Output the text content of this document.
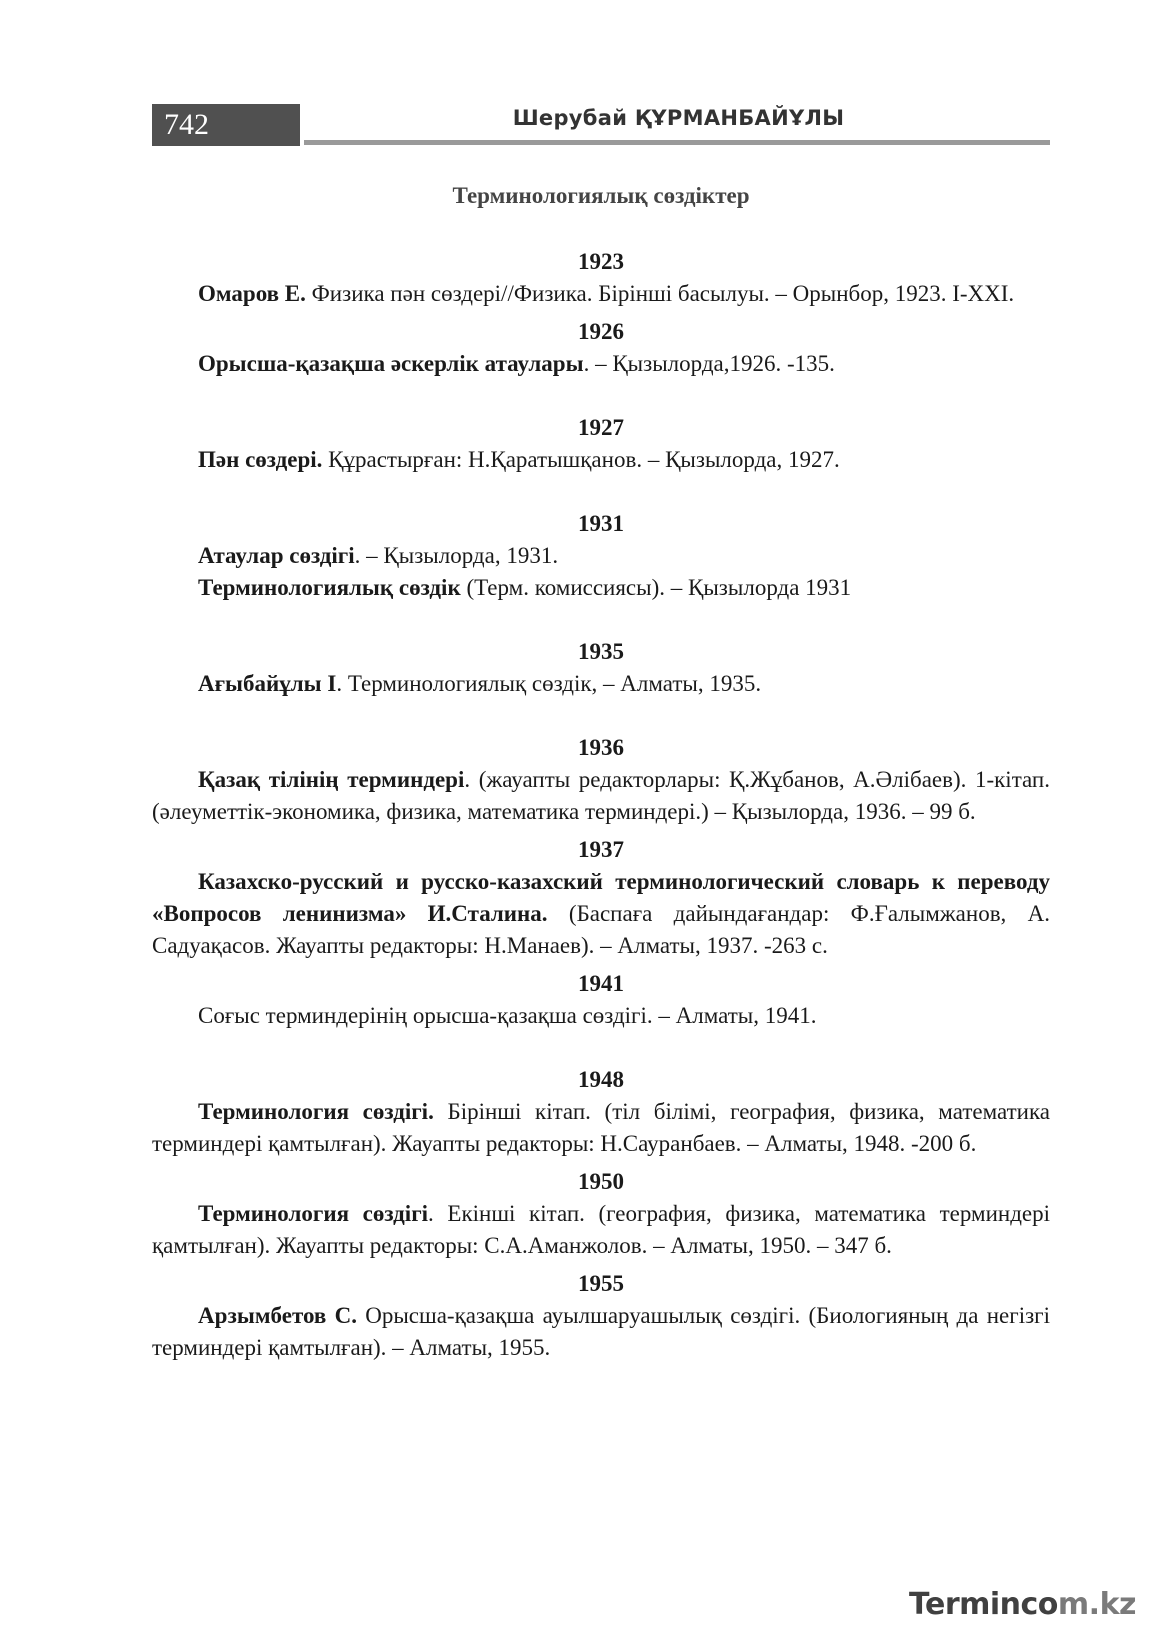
742	Шерубай ҚҰРМАНБАЙҰЛЫ

Терминологиялық сөздіктер

1923

Омаров Е. Физика пән сөздері//Физика. Бірінші басылуы. – Орынбор, 1923. I-XXI.

1926

Орысша-қазақша әскерлік атаулары. – Қызылорда,1926. -135.

1927

Пән сөздері. Құрастырған: Н.Қаратышқанов. – Қызылорда, 1927.

1931

Атаулар сөздігі. – Қызылорда, 1931.

Терминологиялық сөздік (Терм. комиссиясы). – Қызылорда 1931

1935

Ағыбайұлы І. Терминологиялық сөздік, – Алматы, 1935.

1936

Қазақ тілінің терминдері. (жауапты редакторлары: Қ.Жұбанов, А.Әлібаев). 1-кітап. (әлеуметтік-экономика, физика, математика терминдері.) – Қызылорда, 1936. – 99 б.

1937

Казахско-русский и русско-казахский терминологический словарь к переводу «Вопросов ленинизма» И.Сталина. (Баспаға дайындағандар: Ф.Ғалымжанов, А. Садуақасов. Жауапты редакторы: Н.Манаев). – Алматы, 1937. -263 с.

1941

Соғыс терминдерінің орысша-қазақша сөздігі. – Алматы, 1941.

1948

Терминология сөздігі. Бірінші кітап. (тіл білімі, география, физика, математика терминдері қамтылған). Жауапты редакторы: Н.Сауранбаев. – Алматы, 1948. -200 б.

1950

Терминология сөздігі. Екінші кітап. (география, физика, математика терминдері қамтылған). Жауапты редакторы: С.А.Аманжолов. – Алматы, 1950. – 347 б.

1955

Арзымбетов С. Орысша-қазақша ауылшаруашылық сөздігі. (Биологияның да негізгі терминдері қамтылған). – Алматы, 1955.

Termincоm.kz
